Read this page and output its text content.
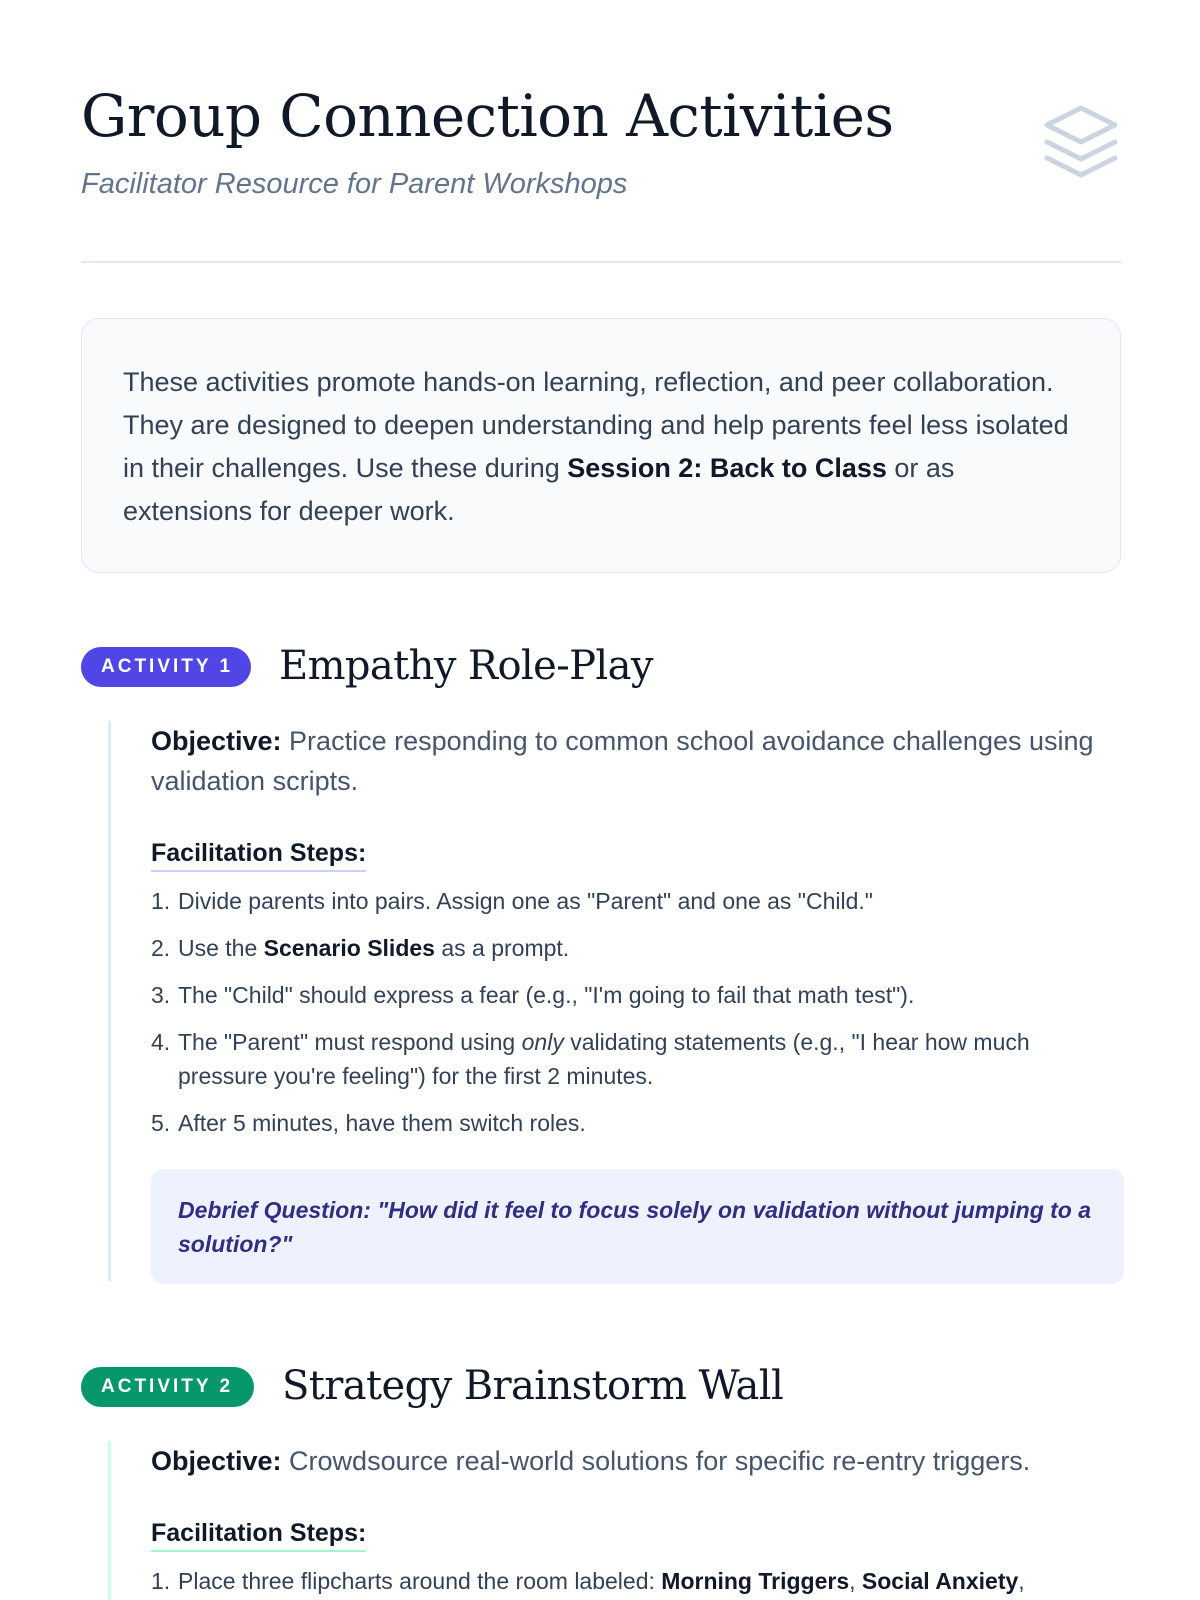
Group Connection Activities

Facilitator Resource for Parent Workshops

These activities promote hands-on learning, reflection, and peer collaboration. They are designed to deepen understanding and help parents feel less isolated in their challenges. Use these during Session 2: Back to Class or as extensions for deeper work.

ACTIVITY 1	Empathy Role-Play

Objective: Practice responding to common school avoidance challenges using validation scripts.

Facilitation Steps:
1. Divide parents into pairs. Assign one as "Parent" and one as "Child."
2. Use the Scenario Slides as a prompt.
3. The "Child" should express a fear (e.g., "I'm going to fail that math test").
4. The "Parent" must respond using only validating statements (e.g., "I hear how much pressure you're feeling") for the first 2 minutes.
5. After 5 minutes, have them switch roles.
Debrief Question: "How did it feel to focus solely on validation without jumping to a solution?"
ACTIVITY 2	Strategy Brainstorm Wall

Objective: Crowdsource real-world solutions for specific re-entry triggers.

Facilitation Steps:
1. Place three flipcharts around the room labeled: Morning Triggers, Social Anxiety,
